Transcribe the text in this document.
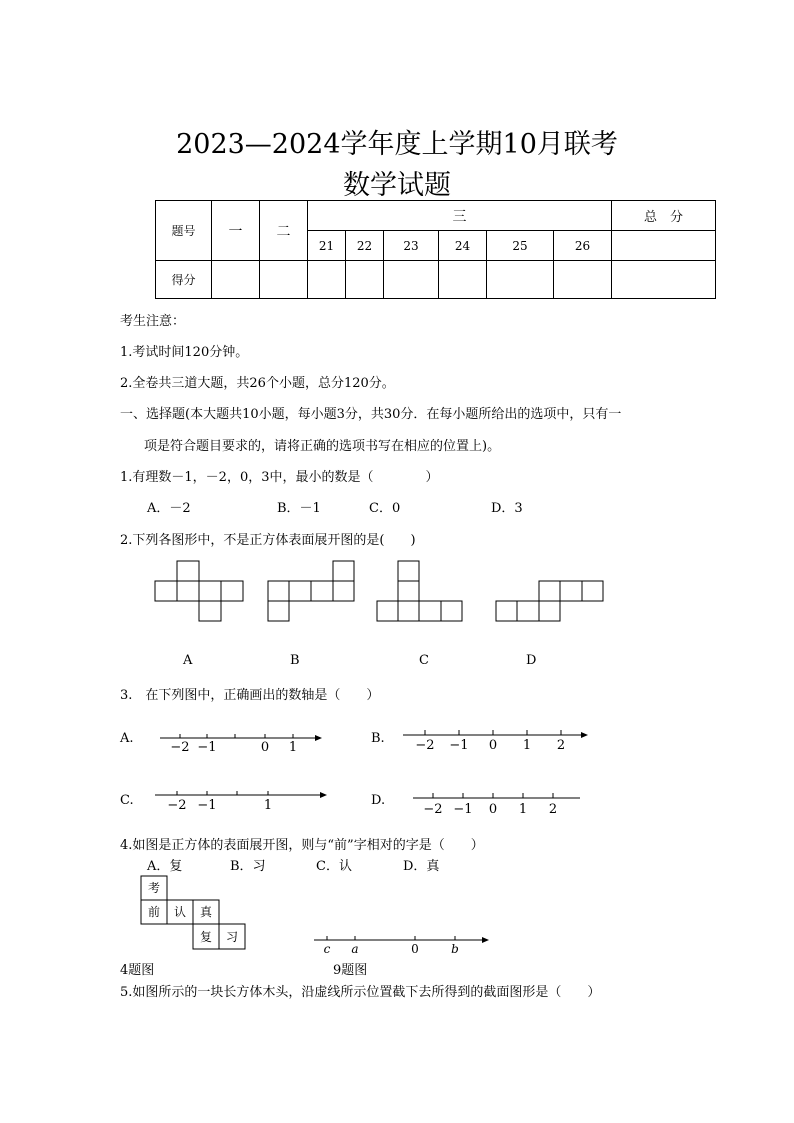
2023—2024学年度上学期10月联考
数学试题
题号	一	二	三						总　分
			21	22	23	24	25	26	
得分									
考生注意：
1.考试时间120分钟。
2.全卷共三道大题，共26个小题，总分120分。
一、选择题(本大题共10小题，每小题3分，共30分．在每小题所给出的选项中，只有一
项是符合题目要求的，请将正确的选项书写在相应的位置上)。
1.有理数－1，－2，0，3中，最小的数是（　　　　）
A．－2	B．－1	C．0	D．3
2.下列各图形中，不是正方体表面展开图的是(　　)
A	B	C	D
3.　在下列图中，正确画出的数轴是（　　）
A.	B.
C.	D.
−2 −1	0 1	−2 −1 0 1 2
−2 −1	1	−2 −1 0 1 2
4.如图是正方体的表面展开图，则与“前”字相对的字是（　　）
A．复	B．习	C．认	D．真
考
前 认 真
复 习
c a	0	b
4题图	9题图
5.如图所示的一块长方体木头，沿虚线所示位置截下去所得到的截面图形是（　　）
